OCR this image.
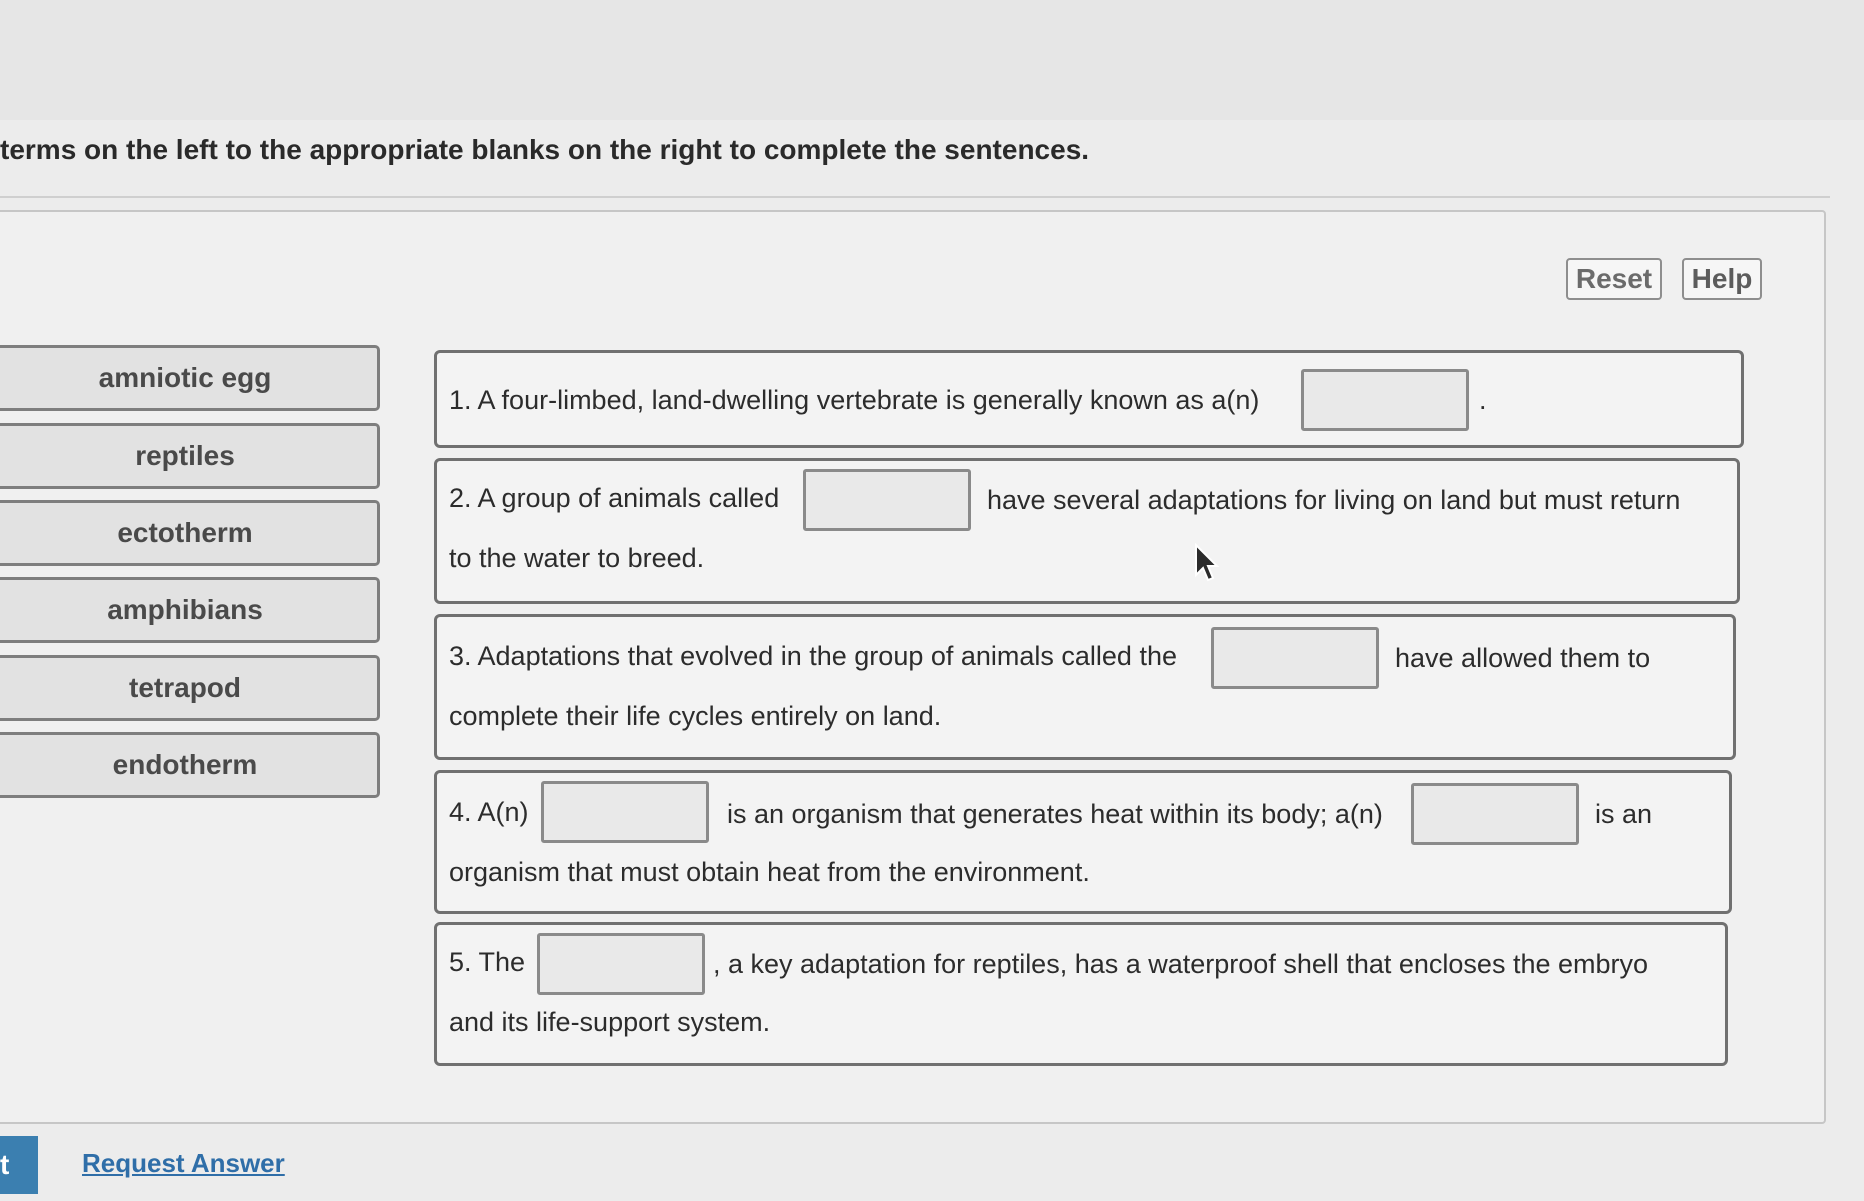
terms on the left to the appropriate blanks on the right to complete the sentences.
Reset	Help
amniotic egg
reptiles
ectotherm
amphibians
tetrapod
endotherm
1. A four-limbed, land-dwelling vertebrate is generally known as a(n)	.
2. A group of animals called	have several adaptations for living on land but must return
to the water to breed.
3. Adaptations that evolved in the group of animals called the	have allowed them to
complete their life cycles entirely on land.
4. A(n)	is an organism that generates heat within its body; a(n)	is an
organism that must obtain heat from the environment.
5. The	, a key adaptation for reptiles, has a waterproof shell that encloses the embryo
and its life-support system.
t	Request Answer
